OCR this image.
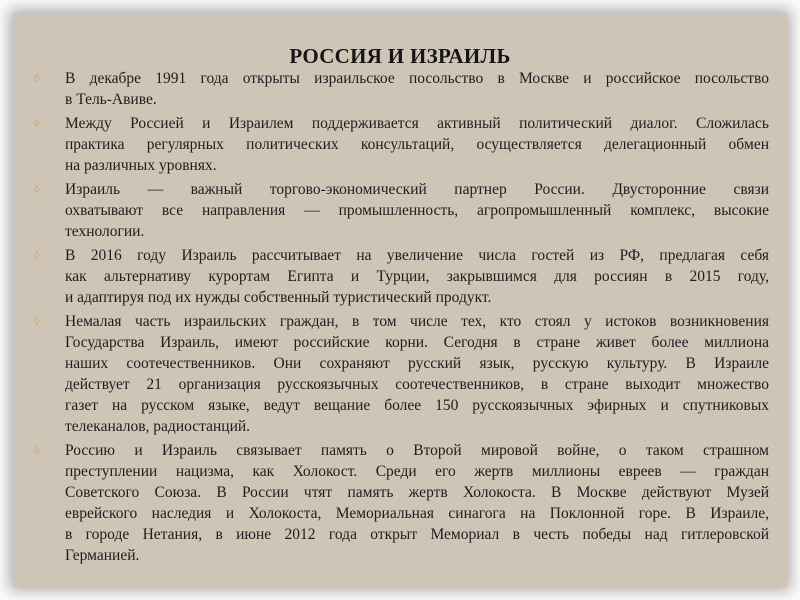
РОССИЯ И ИЗРАИЛЬ
◊ В декабре 1991 года открыты израильское посольство в Москве и российское посольство
в Тель-Авиве.
◊ Между Россией и Израилем поддерживается активный политический диалог. Сложилась
практика регулярных политических консультаций, осуществляется делегационный обмен
на различных уровнях.
◊ Израиль — важный торгово-экономический партнер России. Двусторонние связи
охватывают все направления — промышленность, агропромышленный комплекс, высокие
технологии.
◊ В 2016 году Израиль рассчитывает на увеличение числа гостей из РФ, предлагая себя
как альтернативу курортам Египта и Турции, закрывшимся для россиян в 2015 году,
и адаптируя под их нужды собственный туристический продукт.
◊ Немалая часть израильских граждан, в том числе тех, кто стоял у истоков возникновения
Государства Израиль, имеют российские корни. Сегодня в стране живет более миллиона
наших соотечественников. Они сохраняют русский язык, русскую культуру. В Израиле
действует 21 организация русскоязычных соотечественников, в стране выходит множество
газет на русском языке, ведут вещание более 150 русскоязычных эфирных и спутниковых
телеканалов, радиостанций.
◊ Россию и Израиль связывает память о Второй мировой войне, о таком страшном
преступлении нацизма, как Холокост. Среди его жертв миллионы евреев — граждан
Советского Союза. В России чтят память жертв Холокоста. В Москве действуют Музей
еврейского наследия и Холокоста, Мемориальная синагога на Поклонной горе. В Израиле,
в городе Нетания, в июне 2012 года открыт Мемориал в честь победы над гитлеровской
Германией.
